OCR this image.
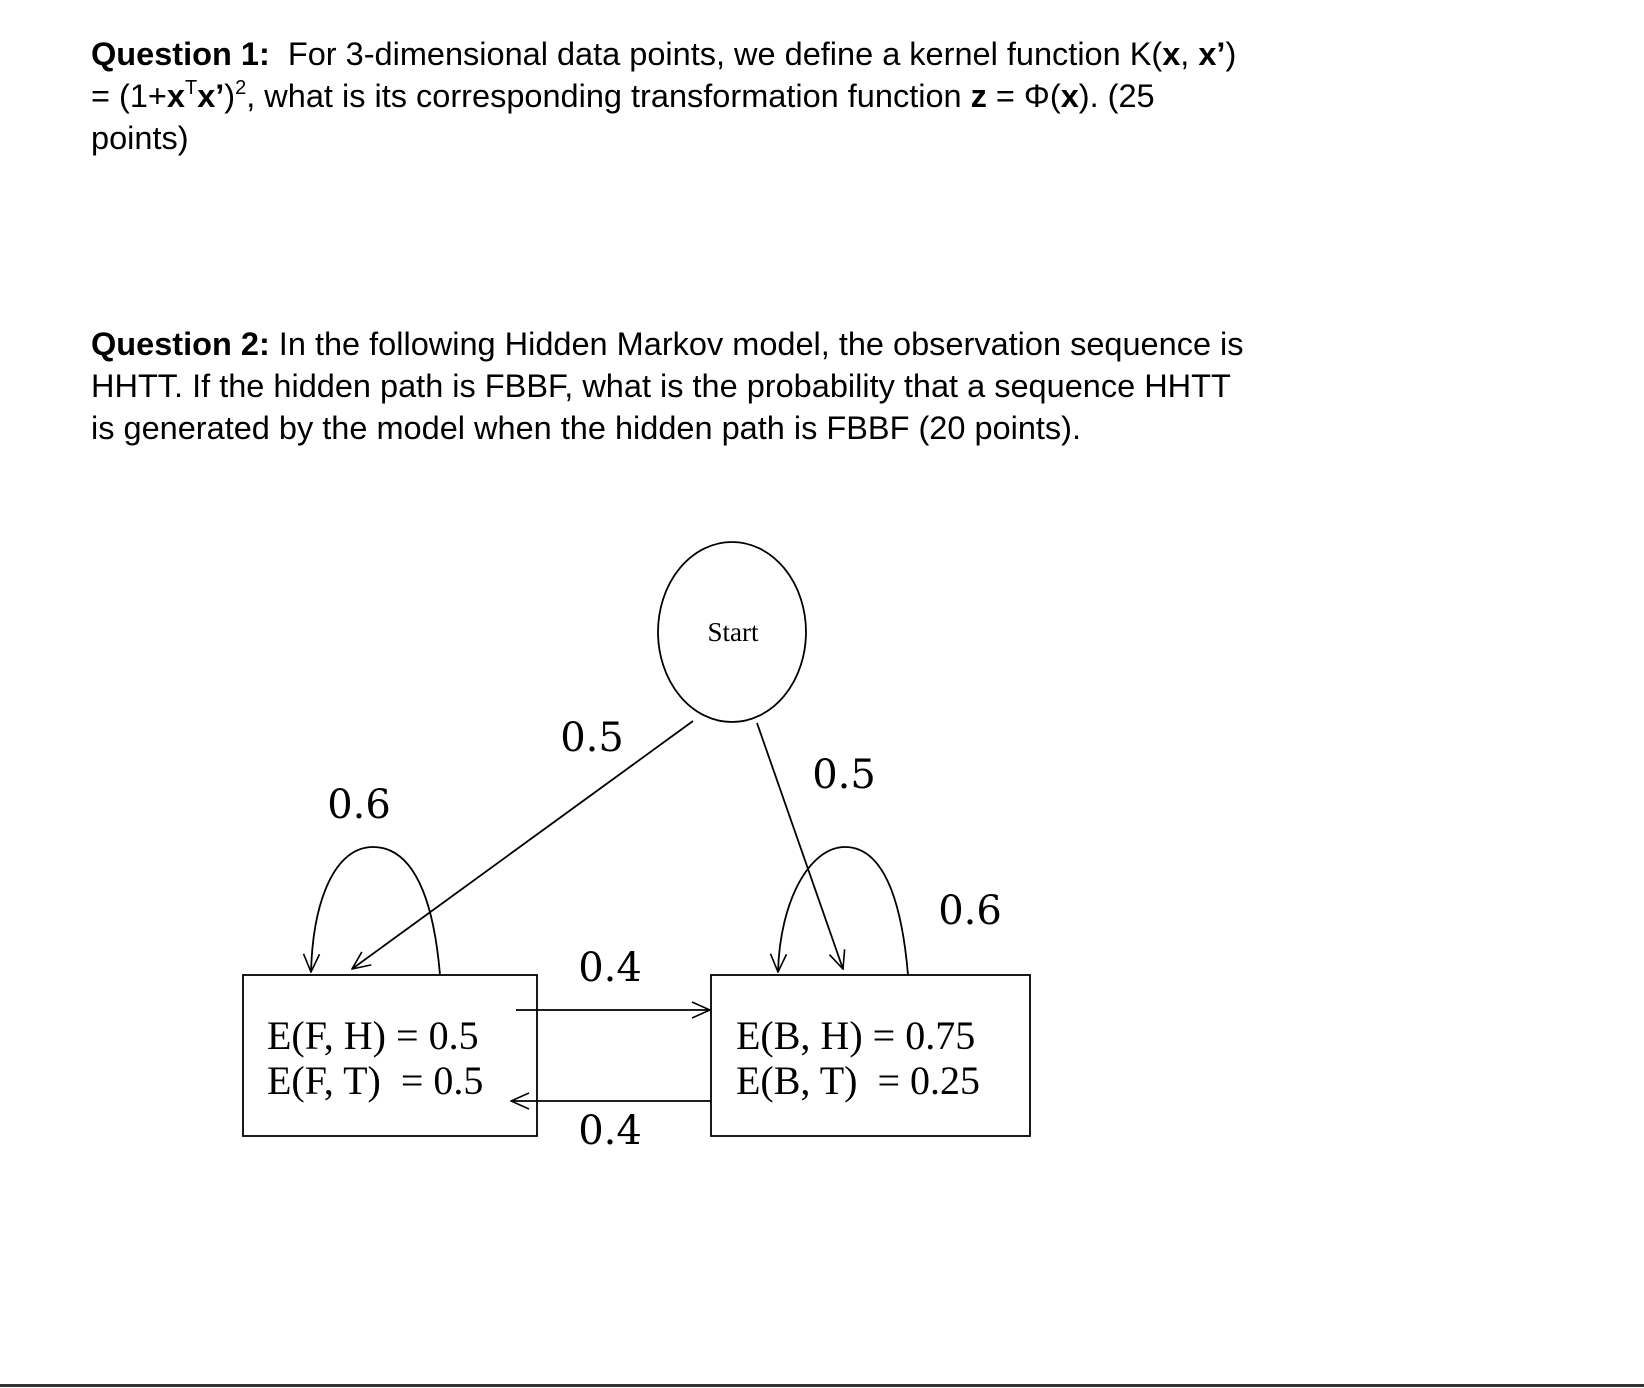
Question 1:  For 3-dimensional data points, we define a kernel function K(x, x’)
= $(1+x^Tx’)^2$, what is its corresponding transformation function z = Φ(x). (25
points)
Question 2: In the following Hidden Markov model, the observation sequence is
HHTT. If the hidden path is FBBF, what is the probability that a sequence HHTT
is generated by the model when the hidden path is FBBF (20 points).
Start
0.5
0.5
0.6
0.6
0.4
0.4
E(F, H) = 0.5
E(F, T)  = 0.5
E(B, H) = 0.75
E(B, T)  = 0.25
